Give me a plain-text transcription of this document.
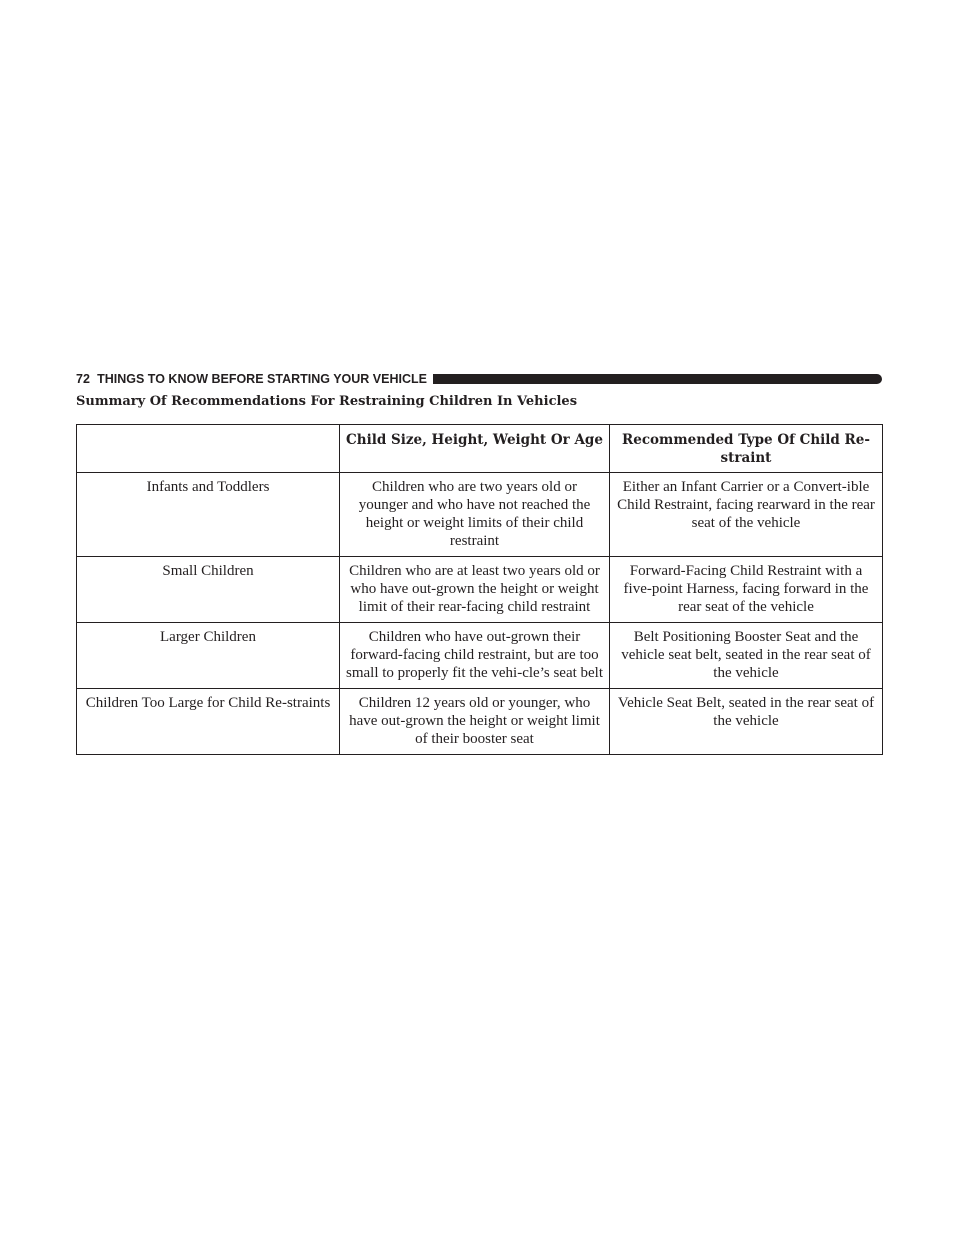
72 THINGS TO KNOW BEFORE STARTING YOUR VEHICLE
Summary Of Recommendations For Restraining Children In Vehicles
	Child Size, Height, Weight Or Age	Recommended Type Of Child Re-straint
Infants and Toddlers	Children who are two years old or younger and who have not reached the height or weight limits of their child restraint	Either an Infant Carrier or a Convert-ible Child Restraint, facing rearward in the rear seat of the vehicle
Small Children	Children who are at least two years old or who have out-grown the height or weight limit of their rear-facing child restraint	Forward-Facing Child Restraint with a five-point Harness, facing forward in the rear seat of the vehicle
Larger Children	Children who have out-grown their forward-facing child restraint, but are too small to properly fit the vehi-cle’s seat belt	Belt Positioning Booster Seat and the vehicle seat belt, seated in the rear seat of the vehicle
Children Too Large for Child Re-straints	Children 12 years old or younger, who have out-grown the height or weight limit of their booster seat	Vehicle Seat Belt, seated in the rear seat of the vehicle
